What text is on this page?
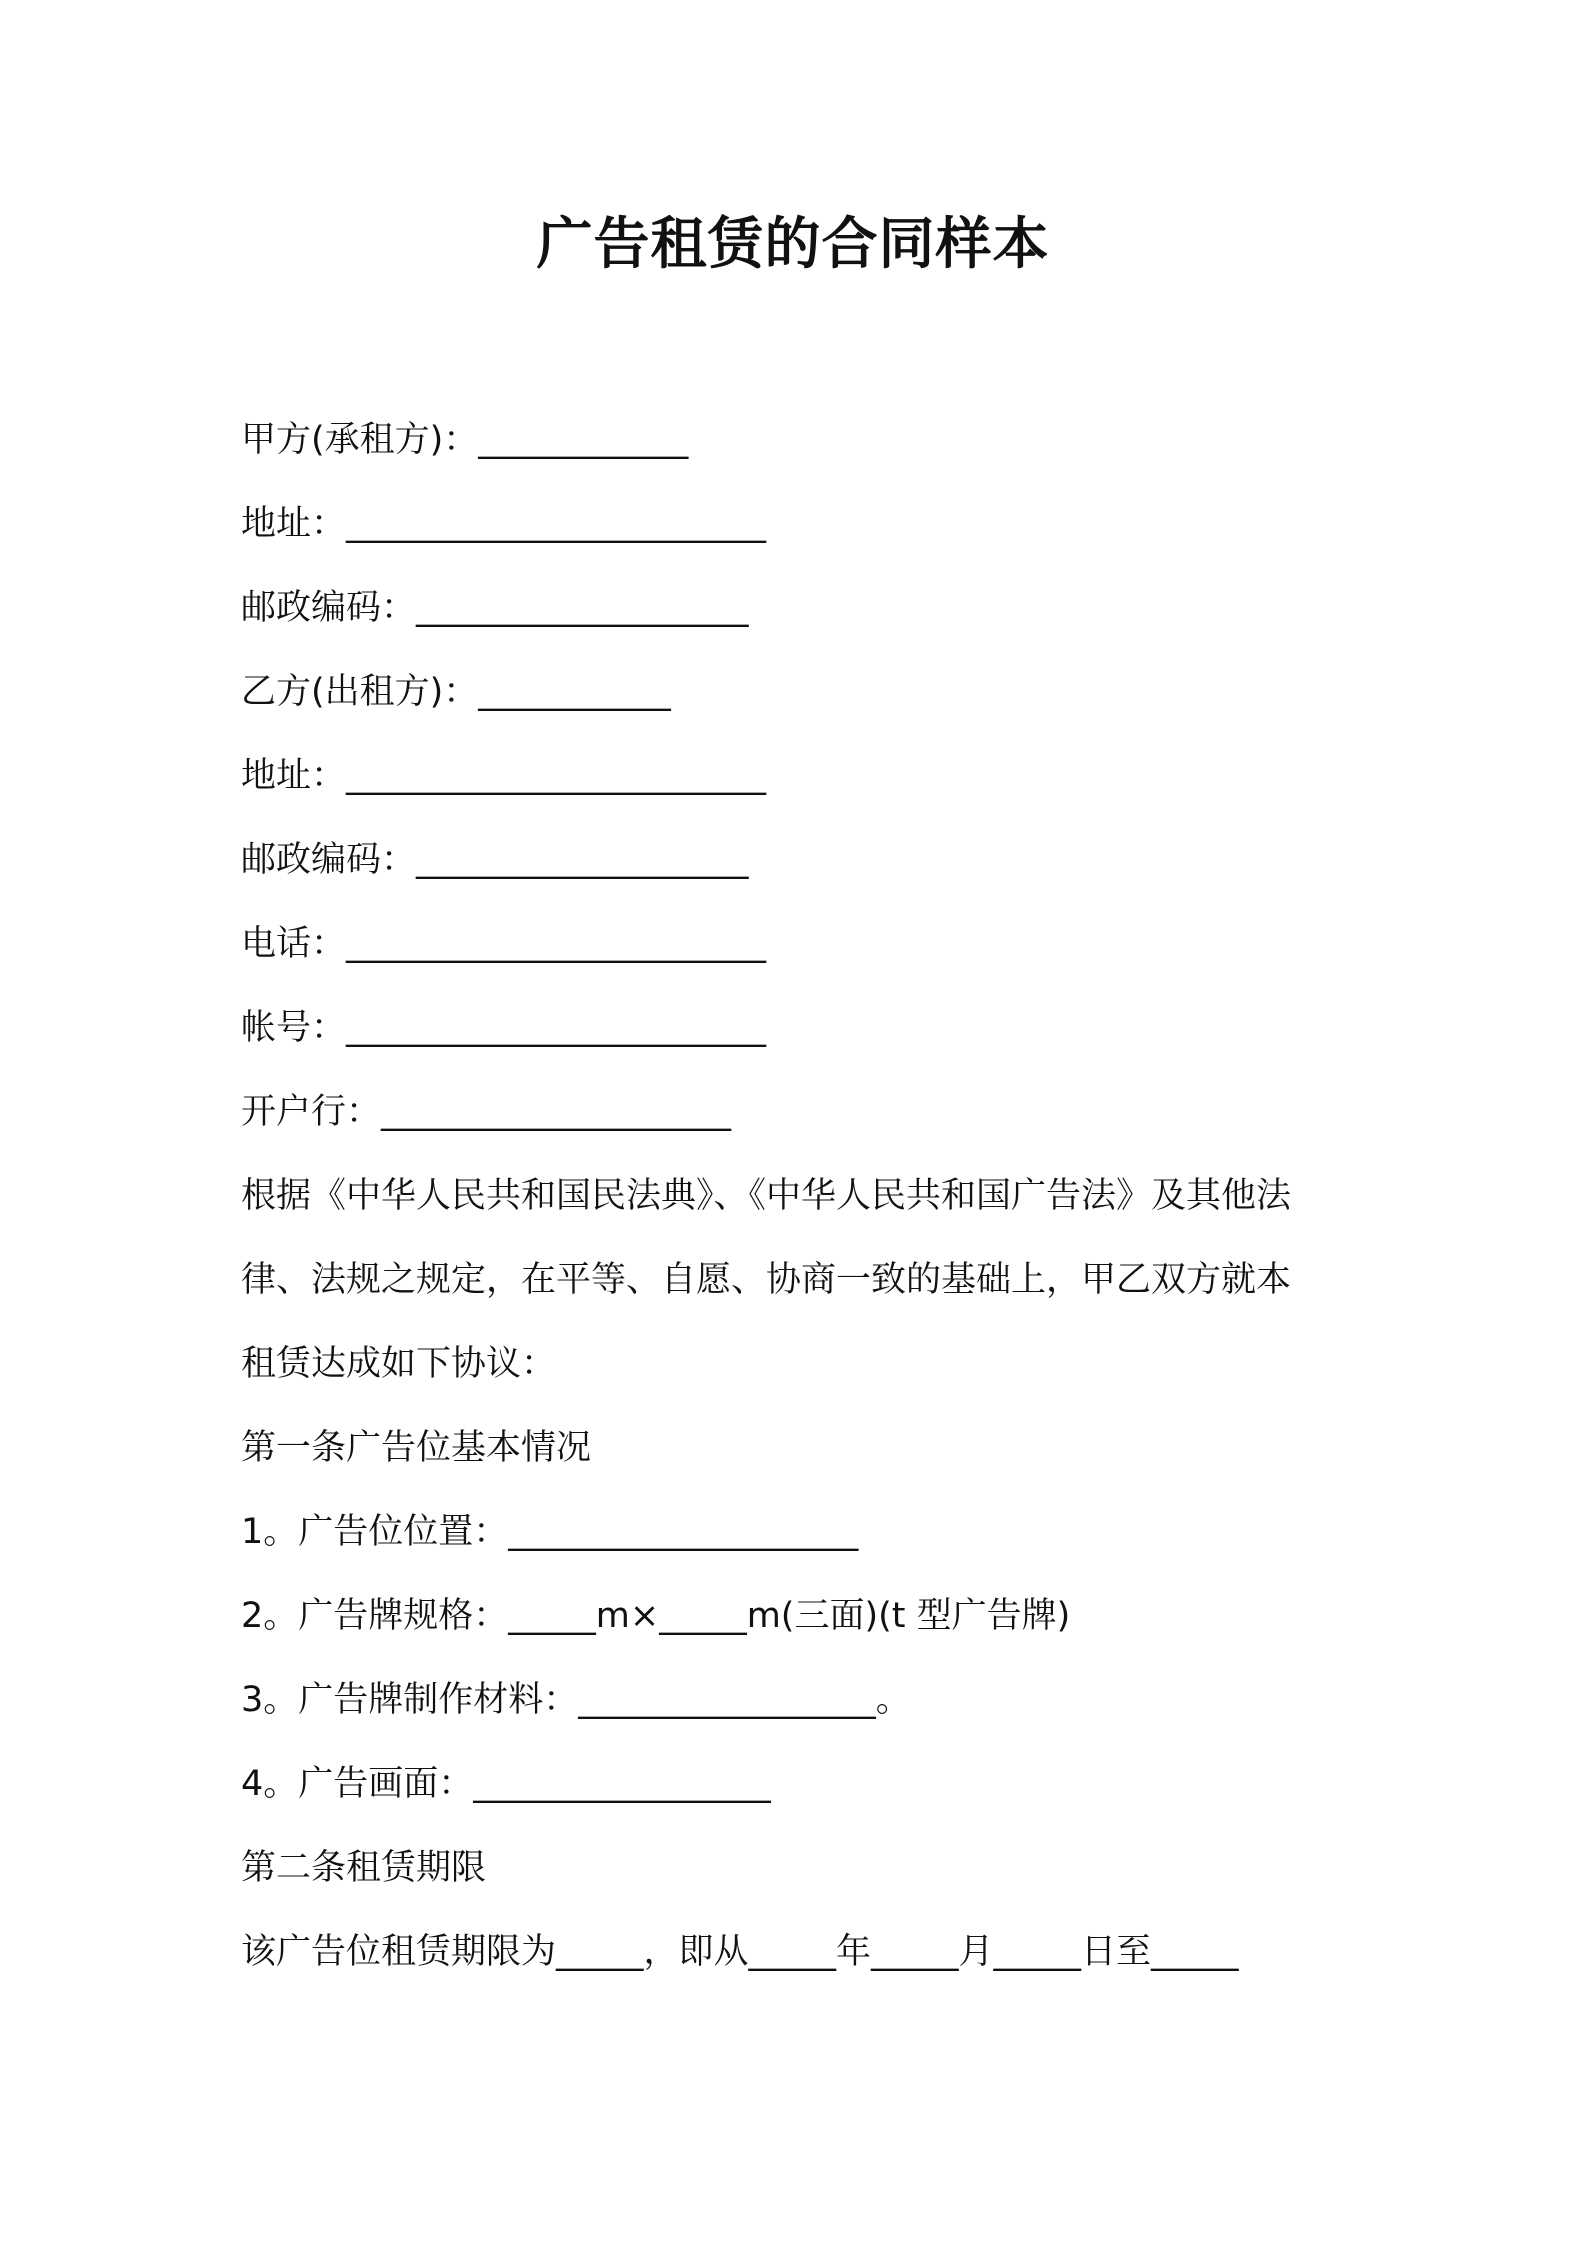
广告租赁的合同样本
甲方(承租方)：____________
地址：________________________
邮政编码：___________________
乙方(出租方)：___________
地址：________________________
邮政编码：___________________
电话：________________________
帐号：________________________
开户行：____________________
根据《中华人民共和国民法典》、《中华人民共和国广告法》及其他法
律、法规之规定，在平等、自愿、协商一致的基础上，甲乙双方就本
租赁达成如下协议：
第一条广告位基本情况
1。广告位位置：____________________
2。广告牌规格：_____m×_____m(三面)(t 型广告牌)
3。广告牌制作材料：_________________。
4。广告画面：_________________
第二条租赁期限
该广告位租赁期限为_____，即从_____年_____月_____日至_____
